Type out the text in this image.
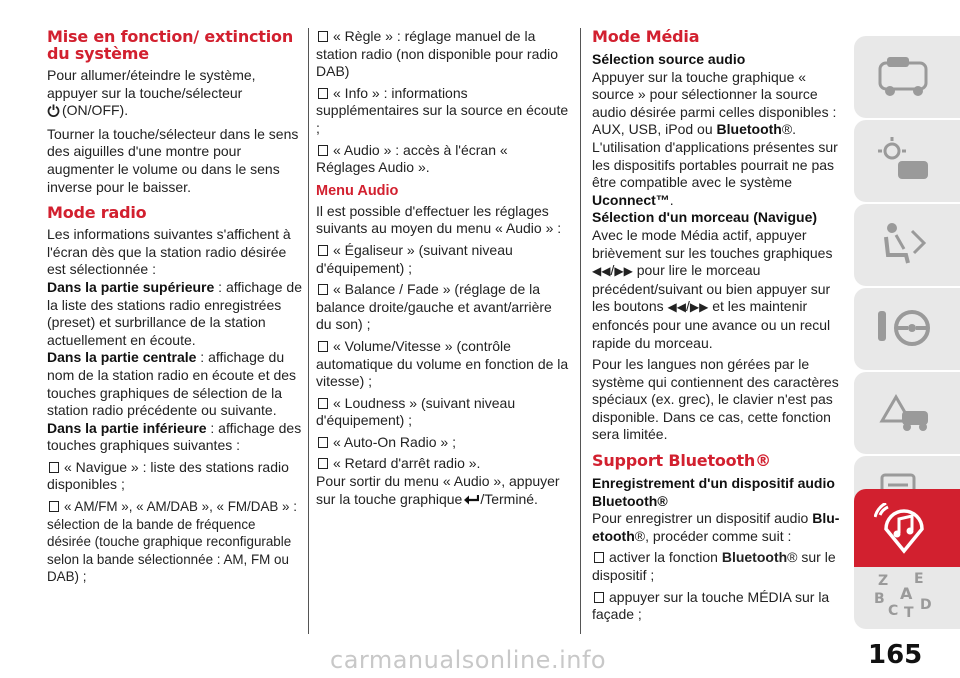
Mise en fonction/ extinction du système

Pour allumer/éteindre le système, appuyer sur la touche/sélecteur
(ON/OFF).

Tourner la touche/sélecteur dans le sens des aiguilles d'une montre pour augmenter le volume ou dans le sens inverse pour le baisser.

Mode radio

Les informations suivantes s'affichent à l'écran dès que la station radio désirée est sélectionnée :

Dans la partie supérieure : affichage de la liste des stations radio enregistrées (preset) et surbrillance de la station actuellement en écoute.

Dans la partie centrale : affichage du nom de la station radio en écoute et des touches graphiques de sélection de la station radio précédente ou suivante.

Dans la partie inférieure : affichage des touches graphiques suivantes :

« Navigue » : liste des stations radio disponibles ;
« AM/FM », « AM/DAB », « FM/DAB » : sélection de la bande de fréquence désirée (touche graphique reconfigurable selon la bande sélectionnée : AM, FM ou DAB) ;
« Règle » : réglage manuel de la station radio (non disponible pour radio DAB)
« Info » : informations supplémentaires sur la source en écoute ;
« Audio » : accès à l'écran « Réglages Audio ».
Menu Audio

Il est possible d'effectuer les réglages suivants au moyen du menu « Audio » :

« Égaliseur » (suivant niveau d'équipement) ;
« Balance / Fade » (réglage de la balance droite/gauche et avant/arrière du son) ;
« Volume/Vitesse » (contrôle automatique du volume en fonction de la vitesse) ;
« Loudness » (suivant niveau d'équipement) ;
« Auto-On Radio » ;
« Retard d'arrêt radio ».

Pour sortir du menu « Audio », appuyer sur la touche graphique /Terminé.

Mode Média

Sélection source audio
Appuyer sur la touche graphique « source » pour sélectionner la source audio désirée parmi celles disponibles : AUX, USB, iPod ou Bluetooth®. L'utilisation d'applications présentes sur les dispositifs portables pourrait ne pas être compatible avec le système Uconnect™.
Sélection d'un morceau (Navigue)
Avec le mode Média actif, appuyer brièvement sur les touches graphiques
◀◀/▶▶ pour lire le morceau précédent/suivant ou bien appuyer sur les boutons ◀◀/▶▶ et les maintenir enfoncés pour une avance ou un recul rapide du morceau.

Pour les langues non gérées par le système qui contiennent des caractères spéciaux (ex. grec), le clavier n'est pas disponible. Dans ce cas, cette fonction sera limitée.

Support Bluetooth®

Enregistrement d'un dispositif audio Bluetooth®

Pour enregistrer un dispositif audio Blu-etooth®, procéder comme suit :

activer la fonction Bluetooth® sur le dispositif ;
appuyer sur la touche MÉDIA sur la façade ;
Z E
A
B
C T D
165
carmanualsonline.info
